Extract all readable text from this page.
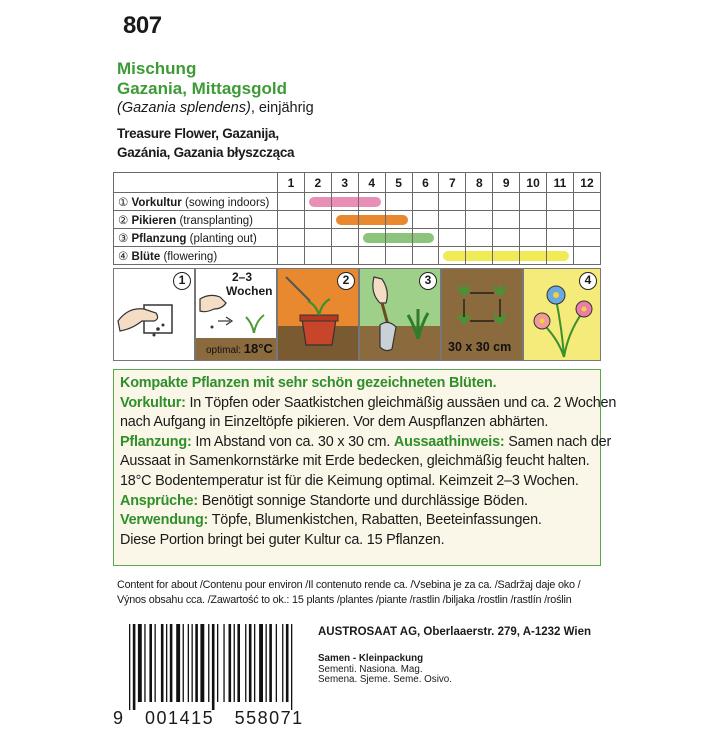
807
Mischung
Gazania, Mittagsgold
(Gazania splendens), einjährig
Treasure Flower, Gazanija,
Gazánia, Gazania błyszcząca
	1	2	3	4	5	6	7	8	9	10	11	12
① Vorkultur (sowing indoors)		

② Pikieren (transplanting)			

③ Pflanzung (planting out)				

④ Blüte (flowering)							

1	2–3
Wochen
optimal: 18°C
2	3
30 x 30 cm
4

Kompakte Pflanzen mit sehr schön gezeichneten Blüten.

Vorkultur: In Töpfen oder Saatkistchen gleichmäßig aussäen und ca. 2 Wochen

nach Aufgang in Einzeltöpfe pikieren. Vor dem Auspflanzen abhärten.

Pflanzung: Im Abstand von ca. 30 x 30 cm. Aussaathinweis: Samen nach der

Aussaat in Samenkornstärke mit Erde bedecken, gleichmäßig feucht halten.

18°C Bodentemperatur ist für die Keimung optimal. Keimzeit 2–3 Wochen.

Ansprüche: Benötigt sonnige Standorte und durchlässige Böden.

Verwendung: Töpfe, Blumenkistchen, Rabatten, Beeteinfassungen.

Diese Portion bringt bei guter Kultur ca. 15 Pflanzen.

Content for about /Contenu pour environ /Il contenuto rende ca. /Vsebina je za ca. /Sadržaj daje oko /
Výnos obsahu cca. /Zawartość to ok.: 15 plants /plantes /piante /rastlin /biljaka /rostlin /rastlín /roślin
AUSTROSAAT AG, Oberlaaerstr. 279, A-1232 Wien
Samen - Kleinpackung
Sementi. Nasiona. Mag.
Semena. Sjeme. Seme. Osivo.
9 001415 558071
